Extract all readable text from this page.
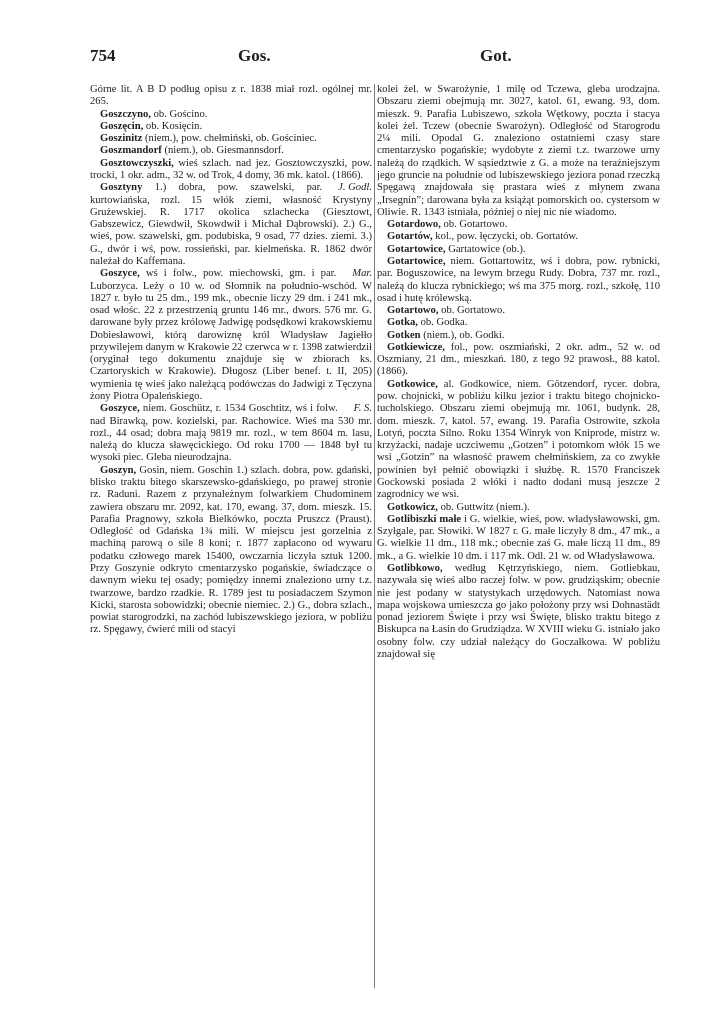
754	Gos.	Got.

Górne lit. A B D podług opisu z r. 1838 miał rozl. ogólnej mr. 265.

Goszczyno, ob. Gościno.

Goszęcin, ob. Kosięcin.

Goszinitz (niem.), pow. chełmiński, ob. Gościniec.

Goszmandorf (niem.), ob. Giesmannsdorf.

Gosztowczyszki, wieś szlach. nad jez. Gosztowczyszki, pow. trocki, 1 okr. adm., 32 w. od Trok, 4 domy, 36 mk. katol. (1866).

J. Godl.
Gosztyny 1.) dobra, pow. szawelski, par. kurtowiańska, rozl. 15 włók ziemi, własność Krystyny Grużewskiej. R. 1717 okolica szlachecka (Giesztowt, Gabszewicz, Giewdwił, Skowdwił i Michał Dąbrowski). 2.) G., wieś, pow. szawelski, gm. podubiska, 9 osad, 77 dzies. ziemi. 3.) G., dwór i wś, pow. rossieński, par. kielmeńska. R. 1862 dwór należał do Kaffemana.

Mar.
Goszyce, wś i folw., pow. miechowski, gm. i par. Luborzyca. Leży o 10 w. od Słomnik na południo-wschód. W 1827 r. było tu 25 dm., 199 mk., obecnie liczy 29 dm. i 241 mk., osad włośc. 22 z przestrzenią gruntu 146 mr., dwors. 576 mr. G. darowane były przez królowę Jadwigę podsędkowi krakowskiemu Dobiesławowi, którą darowiznę król Władysław Jagiełło przywilejem danym w Krakowie 22 czerwca w r. 1398 zatwierdził (oryginał tego dokumentu znajduje się w zbiorach ks. Czartoryskich w Krakowie). Długosz (Liber benef. t. II, 205) wymienia tę wieś jako należącą podówczas do Jadwigi z Tęczyna żony Piotra Opaleńskiego.

F. S.
Goszyce, niem. Goschütz, r. 1534 Goschtitz, wś i folw. nad Birawką, pow. kozielski, par. Rachowice. Wieś ma 530 mr. rozl., 44 osad; dobra mają 9819 mr. rozl., w tem 8604 m. lasu, należą do klucza sławęcickiego. Od roku 1700 — 1848 był tu wysoki piec. Gleba nieurodzajna.

Goszyn, Gosin, niem. Goschin 1.) szlach. dobra, pow. gdański, blisko traktu bitego skarszewsko-gdańskiego, po prawej stronie rz. Raduni. Razem z przynależnym folwarkiem Chudominem zawiera obszaru mr. 2092, kat. 170, ewang. 37, dom. mieszk. 15. Parafia Pragnowy, szkoła Bielkówko, poczta Pruszcz (Praust). Odległość od Gdańska 1¾ mili. W miejscu jest gorzelnia z machiną parową o sile 8 koni; r. 1877 zapłacono od wywaru podatku człowego marek 15400, owczarnia liczyła sztuk 1200. Przy Goszynie odkryto cmentarzysko pogańskie, świadczące o dawnym wieku tej osady; pomiędzy innemi znaleziono urny t.z. twarzowe, bardzo rzadkie. R. 1789 jest tu posiadaczem Szymon Kicki, starosta sobowidzki; obecnie niemiec. 2.) G., dobra szlach., powiat starogrodzki, na zachód lubiszewskiego jeziora, w pobliżu rz. Spęgawy, ćwierć mili od stacyi

kolei żel. w Swarożynie, 1 milę od Tczewa, gleba urodzajna. Obszaru ziemi obejmują mr. 3027, katol. 61, ewang. 93, dom. mieszk. 9. Parafia Lubiszewo, szkoła Wętkowy, poczta i stacya kolei żel. Tczew (obecnie Swarożyn). Odległość od Starogrodu 2¼ mili. Opodal G. znaleziono ostatniemi czasy stare cmentarzysko pogańskie; wydobyte z ziemi t.z. twarzowe urny należą do rządkich. W sąsiedztwie z G. a może na teraźniejszym jego gruncie na południe od lubiszewskiego jeziora ponad rzeczką Spęgawą znajdowała się prastara wieś z młynem zwana „Irsegnin”; darowana była za książąt pomorskich oo. cystersom w Oliwie. R. 1343 istniała, później o niej nic nie wiadomo.

Gotardowo, ob. Gotartowo.

Gotartów, kol., pow. łęczycki, ob. Gortatów.

Gotartowice, Gartatowice (ob.).

Gotartowice, niem. Gottartowitz, wś i dobra, pow. rybnicki, par. Boguszowice, na lewym brzegu Rudy. Dobra, 737 mr. rozl., należą do klucza rybnickiego; wś ma 375 morg. rozl., szkołę, 110 osad i hutę królewską.

Gotartowo, ob. Gortatowo.

Gotka, ob. Godka.

Gotken (niem.), ob. Godki.

Gotkiewicze, fol., pow. oszmiański, 2 okr. adm., 52 w. od Oszmiany, 21 dm., mieszkań. 180, z tego 92 prawosł., 88 katol. (1866).

Gotkowice, al. Godkowice, niem. Götzendorf, rycer. dobra, pow. chojnicki, w pobliżu kilku jezior i traktu bitego chojnicko-tucholskiego. Obszaru ziemi obejmują mr. 1061, budynk. 28, dom. mieszk. 7, katol. 57, ewang. 19. Parafia Ostrowite, szkoła Lotyń, poczta Silno. Roku 1354 Winryk von Kniprode, mistrz w. krzyżacki, nadaje uczciwemu „Gotzen” i potomkom włók 15 we wsi „Gotzin” na własność prawem chełmińskiem, za co zwykłe powinien był pełnić obowiązki i służbę. R. 1570 Franciszek Gockowski posiada 2 włóki i nadto dodani musą jeszcze 2 zagrodnicy we wsi.

Gotkowicz, ob. Guttwitz (niem.).

Gotlibiszki małe i G. wielkie, wieś, pow. władysławowski, gm. Szyłgale, par. Słowiki. W 1827 r. G. małe liczyły 8 dm., 47 mk., a G. wielkie 11 dm., 118 mk.; obecnie zaś G. małe liczą 11 dm., 89 mk., a G. wielkie 10 dm. i 117 mk. Odl. 21 w. od Władysławowa.

Gotlibkowo, według Kętrzyńskiego, niem. Gotliebkau, nazywała się wieś albo raczej folw. w pow. grudziąskim; obecnie nie jest podany w statystykach urzędowych. Natomiast nowa mapa wojskowa umieszcza go jako położony przy wsi Dohnastädt ponad jeziorem Święte i przy wsi Święte, blisko traktu bitego z Biskupca na Łasin do Grudziądza. W XVIII wieku G. istniało jako osobny folw. czy udział należący do Goczałkowa. W pobliżu znajdował się
